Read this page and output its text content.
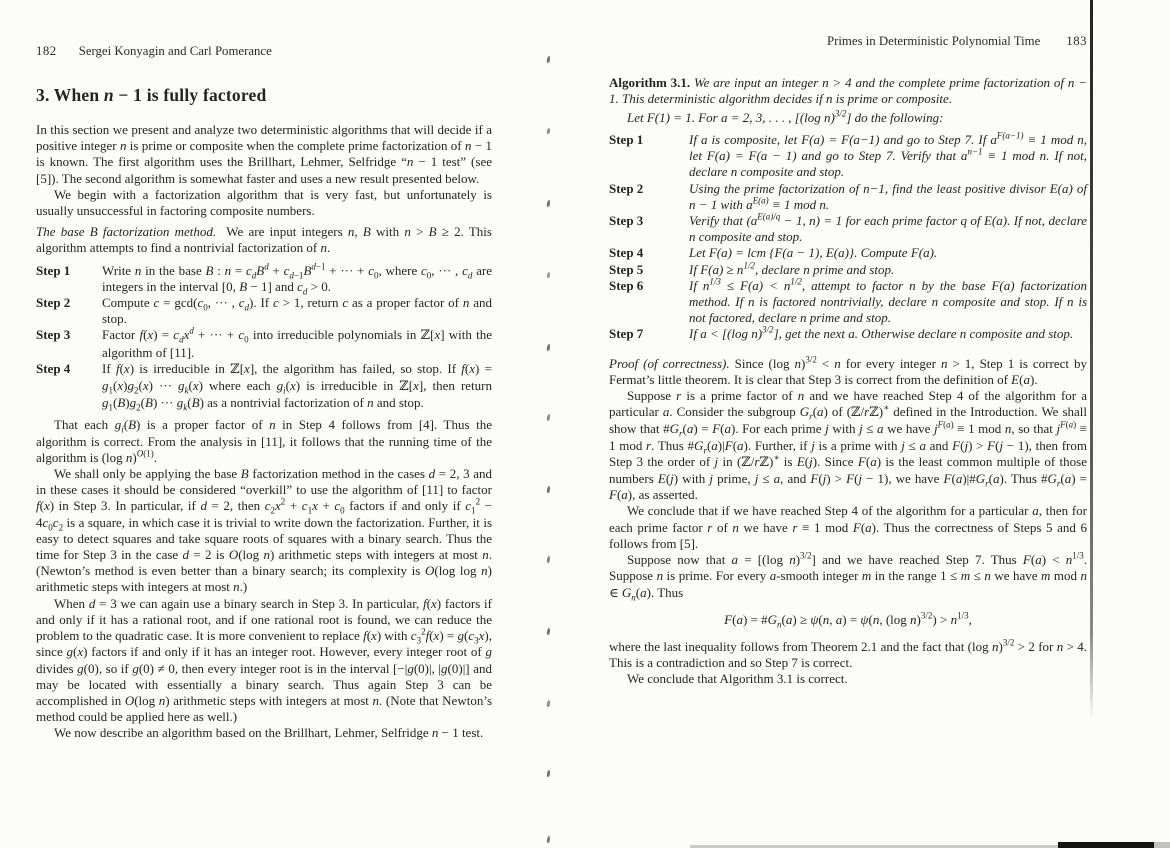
182 Sergei Konyagin and Carl Pomerance
3. When n − 1 is fully factored

In this section we present and analyze two deterministic algorithms that will decide if a positive integer n is prime or composite when the complete prime factorization of n − 1 is known. The first algorithm uses the Brillhart, Lehmer, Selfridge “n − 1 test” (see [5]). The second algorithm is somewhat faster and uses a new result presented below.

We begin with a factorization algorithm that is very fast, but unfortunately is usually unsuccessful in factoring composite numbers.

The base B factorization method.  We are input integers n, B with n > B ≥ 2. This algorithm attempts to find a nontrivial factorization of n.

Step 1 Write n in the base B : $n = c_dB^d + c_{d-1}B^{d-1}$ + ··· + $c_0$, where $c_0$, ··· , $c_d$ are integers in the interval [0, B − 1] and $c_d > 0$.
Step 2 Compute $c = \gcd(c_0$, ··· , $c_d$). If c > 1, return c as a proper factor of n and stop.
Step 3 Factor $f(x) = c_dx^d$ + ··· + $c_0$ into irreducible polynomials in ℤ[x] with the algorithm of [11].
Step 4 If f(x) is irreducible in ℤ[x], the algorithm has failed, so stop. If $f(x) = g_1(x)g_2(x)$ ··· $g_k(x)$ where each $g_i(x)$ is irreducible in ℤ[x], then return $g_1(B)g_2(B)$ ··· $g_k(B)$ as a nontrivial factorization of n and stop.

That each $g_i(B)$ is a proper factor of n in Step 4 follows from [4]. Thus the algorithm is correct. From the analysis in [11], it follows that the running time of the algorithm is (log n)$^{O(1)}$.

We shall only be applying the base B factorization method in the cases d = 2, 3 and in these cases it should be considered “overkill” to use the algorithm of [11] to factor f(x) in Step 3. In particular, if d = 2, then $c_2x^2 + c_1x + c_0$ factors if and only if $c_1^2 - 4c_0c_2$ is a square, in which case it is trivial to write down the factorization. Further, it is easy to detect squares and take square roots of squares with a binary search. Thus the time for Step 3 in the case d = 2 is O(log n) arithmetic steps with integers at most n. (Newton’s method is even better than a binary search; its complexity is O(log log n) arithmetic steps with integers at most n.)

When d = 3 we can again use a binary search in Step 3. In particular, f(x) factors if and only if it has a rational root, and if one rational root is found, we can reduce the problem to the quadratic case. It is more convenient to replace f(x) with $c_3^2f(x) = g(c_3x)$, since g(x) factors if and only if it has an integer root. However, every integer root of g divides g(0), so if g(0) ≠ 0, then every integer root is in the interval [−|g(0)|, |g(0)|] and may be located with essentially a binary search. Thus again Step 3 can be accomplished in O(log n) arithmetic steps with integers at most n. (Note that Newton’s method could be applied here as well.)

We now describe an algorithm based on the Brillhart, Lehmer, Selfridge n − 1 test.

Primes in Deterministic Polynomial Time 183

Algorithm 3.1. We are input an integer n > 4 and the complete prime factorization of n − 1. This deterministic algorithm decides if n is prime or composite.

Let F(1) = 1. For a = 2, 3, . . . , [(log n)$^{3/2}$] do the following:

Step 1	If a is composite, let F(a) = F(a−1) and go to Step 7. If $a^{F(a-1)} \equiv 1$ mod n, let F(a) = F(a − 1) and go to Step 7. Verify that $a^{n-1} \equiv 1$ mod n. If not, declare n composite and stop.
Step 2	Using the prime factorization of n−1, find the least positive divisor E(a) of n − 1 with $a^{E(a)} \equiv 1$ mod n.
Step 3	Verify that ($a^{E(a)/q} - 1$, n) = 1 for each prime factor q of E(a). If not, declare n composite and stop.
Step 4	Let F(a) = lcm {F(a − 1), E(a)}. Compute F(a).
Step 5	If $F(a) \ge n^{1/2}$, declare n prime and stop.
Step 6	If $n^{1/3} \le F(a) < n^{1/2}$, attempt to factor n by the base F(a) factorization method. If n is factored nontrivially, declare n composite and stop. If n is not factored, declare n prime and stop.
Step 7	If a < [(log n)$^{3/2}$], get the next a. Otherwise declare n composite and stop.

Proof (of correctness). Since (log n)$^{3/2}$ < n for every integer n > 1, Step 1 is correct by Fermat’s little theorem. It is clear that Step 3 is correct from the definition of E(a).

Suppose r is a prime factor of n and we have reached Step 4 of the algorithm for a particular a. Consider the subgroup $G_r(a)$ of (ℤ/rℤ)∗ defined in the Introduction. We shall show that $\#G_r(a) = F(a)$. For each prime j with j ≤ a we have $j^{F(a)} \equiv 1$ mod n, so that $j^{F(a)} \equiv 1$ mod r. Thus $\#G_r(a)|F(a)$. Further, if j is a prime with j ≤ a and F(j) > F(j − 1), then from Step 3 the order of j in (ℤ/rℤ)∗ is E(j). Since F(a) is the least common multiple of those numbers E(j) with j prime, j ≤ a, and F(j) > F(j − 1), we have $F(a)|\#G_r(a)$. Thus $\#G_r(a) = F(a)$, as asserted.

We conclude that if we have reached Step 4 of the algorithm for a particular a, then for each prime factor r of n we have r ≡ 1 mod F(a). Thus the correctness of Steps 5 and 6 follows from [5].

Suppose now that a = [(log n)$^{3/2}$] and we have reached Step 7. Thus $F(a) < n^{1/3}$. Suppose n is prime. For every a-smooth integer m in the range 1 ≤ m ≤ n we have m mod n ∈ $G_n(a)$. Thus

$F(a) = \#G_n(a) \ge \psi(n$, a) = ψ(n, (log $n)^{3/2}) > n^{1/3}$,

where the last inequality follows from Theorem 2.1 and the fact that (log n)$^{3/2}$ > 2 for n > 4. This is a contradiction and so Step 7 is correct.

We conclude that Algorithm 3.1 is correct.
